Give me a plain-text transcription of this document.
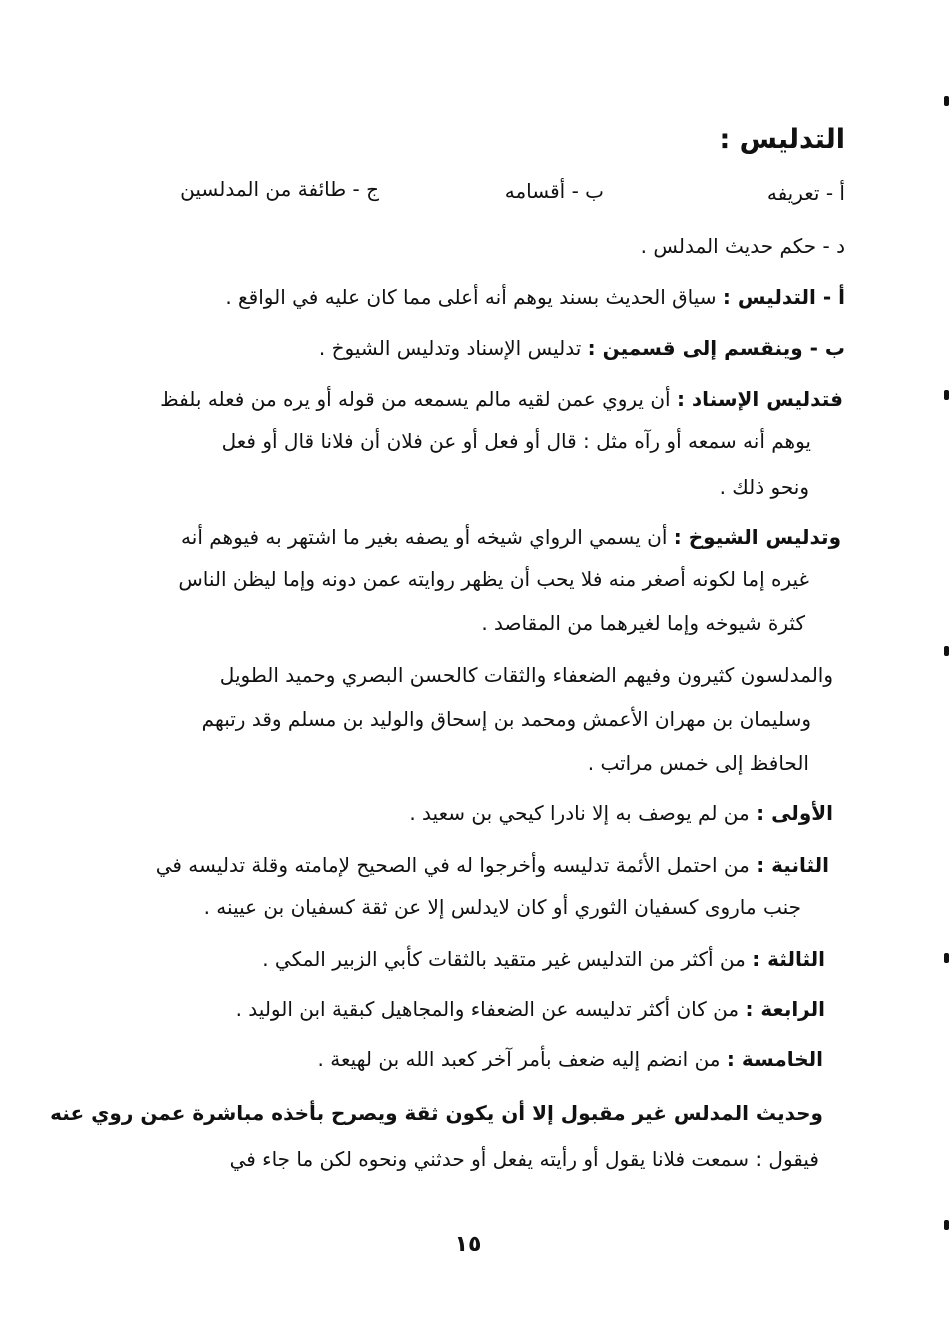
التدليس :
أ - تعريفه
ب - أقسامه
ج - طائفة من المدلسين
د - حكم حديث المدلس .
أ - التدليس : سياق الحديث بسند يوهم أنه أعلى مما كان عليه في الواقع .
ب - وينقسم إلى قسمين : تدليس الإسناد وتدليس الشيوخ .
فتدليس الإسناد : أن يروي عمن لقيه مالم يسمعه من قوله أو يره من فعله بلفظ
يوهم أنه سمعه أو رآه مثل : قال أو فعل أو عن فلان أن فلانا قال أو فعل
ونحو ذلك .
وتدليس الشيوخ : أن يسمي الرواي شيخه أو يصفه بغير ما اشتهر به فيوهم أنه
غيره إما لكونه أصغر منه فلا يحب أن يظهر روايته عمن دونه وإما ليظن الناس
كثرة شيوخه وإما لغيرهما من المقاصد .
والمدلسون كثيرون وفيهم الضعفاء والثقات كالحسن البصري وحميد الطويل
وسليمان بن مهران الأعمش ومحمد بن إسحاق والوليد بن مسلم وقد رتبهم
الحافظ إلى خمس مراتب .
الأولى : من لم يوصف به إلا نادرا كيحي بن سعيد .
الثانية : من احتمل الأئمة تدليسه وأخرجوا له في الصحيح لإمامته وقلة تدليسه في
جنب ماروى كسفيان الثوري أو كان لايدلس إلا عن ثقة كسفيان بن عيينه .
الثالثة : من أكثر من التدليس غير متقيد بالثقات كأبي الزبير المكي .
الرابعة : من كان أكثر تدليسه عن الضعفاء والمجاهيل كبقية ابن الوليد .
الخامسة : من انضم إليه ضعف بأمر آخر كعبد الله بن لهيعة .
وحديث المدلس غير مقبول إلا أن يكون ثقة ويصرح بأخذه مباشرة عمن روي عنه
فيقول : سمعت فلانا يقول أو رأيته يفعل أو حدثني ونحوه لكن ما جاء في
١٥
